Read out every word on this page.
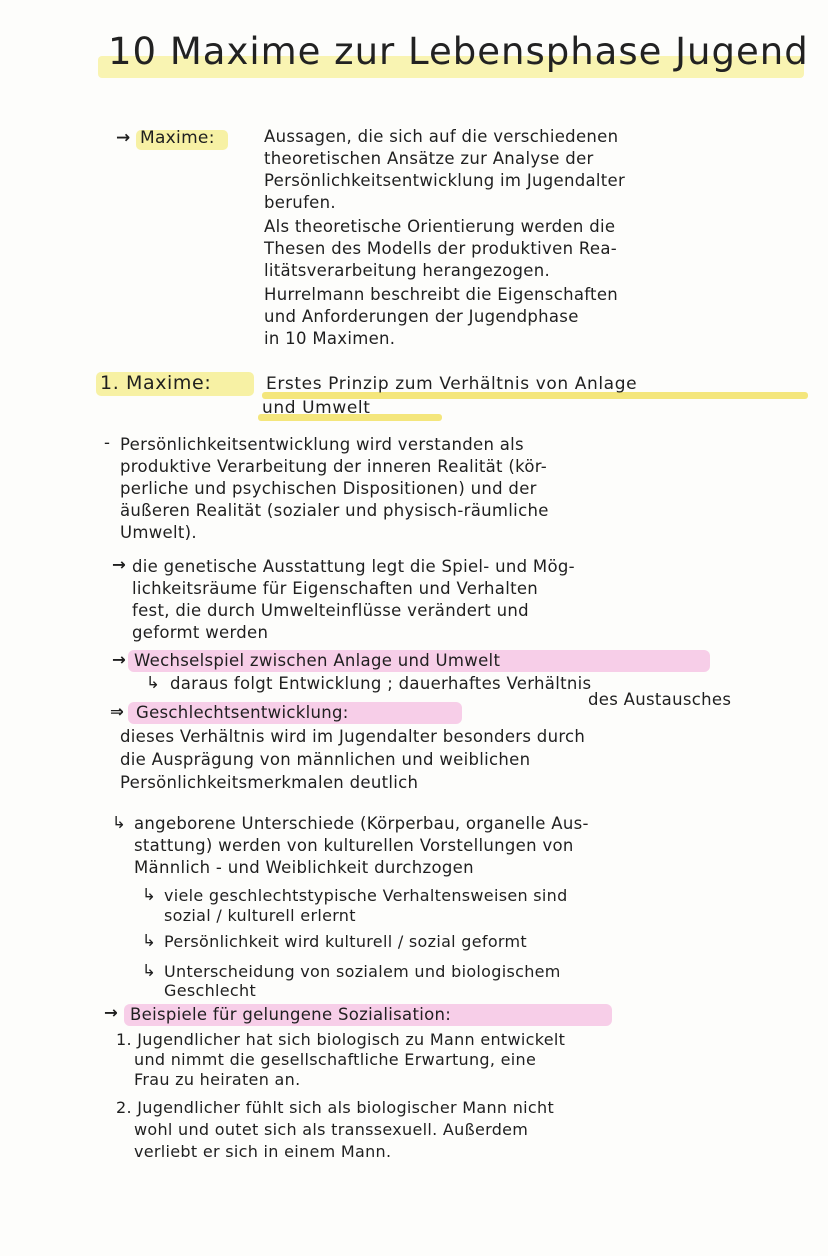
10 Maxime zur Lebensphase Jugend
→ Maxime:	Aussagen, die sich auf die verschiedenen
theoretischen Ansätze zur Analyse der
Persönlichkeitsentwicklung im Jugendalter
berufen.
Als theoretische Orientierung werden die
Thesen des Modells der produktiven Rea-
litätsverarbeitung herangezogen.
Hurrelmann beschreibt die Eigenschaften
und Anforderungen der Jugendphase
in 10 Maximen.
1. Maxime:	Erstes Prinzip zum Verhältnis von Anlage
und Umwelt
- Persönlichkeitsentwicklung wird verstanden als
produktive Verarbeitung der inneren Realität (kör-
perliche und psychischen Dispositionen) und der
äußeren Realität (sozialer und physisch-räumliche
Umwelt).
→ die genetische Ausstattung legt die Spiel- und Mög-
lichkeitsräume für Eigenschaften und Verhalten
fest, die durch Umwelteinflüsse verändert und
geformt werden
→ Wechselspiel zwischen Anlage und Umwelt
↳ daraus folgt Entwicklung ; dauerhaftes Verhältnis
des Austausches
⇒ Geschlechtsentwicklung:
dieses Verhältnis wird im Jugendalter besonders durch
die Ausprägung von männlichen und weiblichen
Persönlichkeitsmerkmalen deutlich
↳ angeborene Unterschiede (Körperbau, organelle Aus-
stattung) werden von kulturellen Vorstellungen von
Männlich - und Weiblichkeit durchzogen
↳ viele geschlechtstypische Verhaltensweisen sind
sozial / kulturell erlernt
↳ Persönlichkeit wird kulturell / sozial geformt
↳ Unterscheidung von sozialem und biologischem
Geschlecht
→ Beispiele für gelungene Sozialisation:
1. Jugendlicher hat sich biologisch zu Mann entwickelt
und nimmt die gesellschaftliche Erwartung, eine
Frau zu heiraten an.
2. Jugendlicher fühlt sich als biologischer Mann nicht
wohl und outet sich als transsexuell. Außerdem
verliebt er sich in einem Mann.
